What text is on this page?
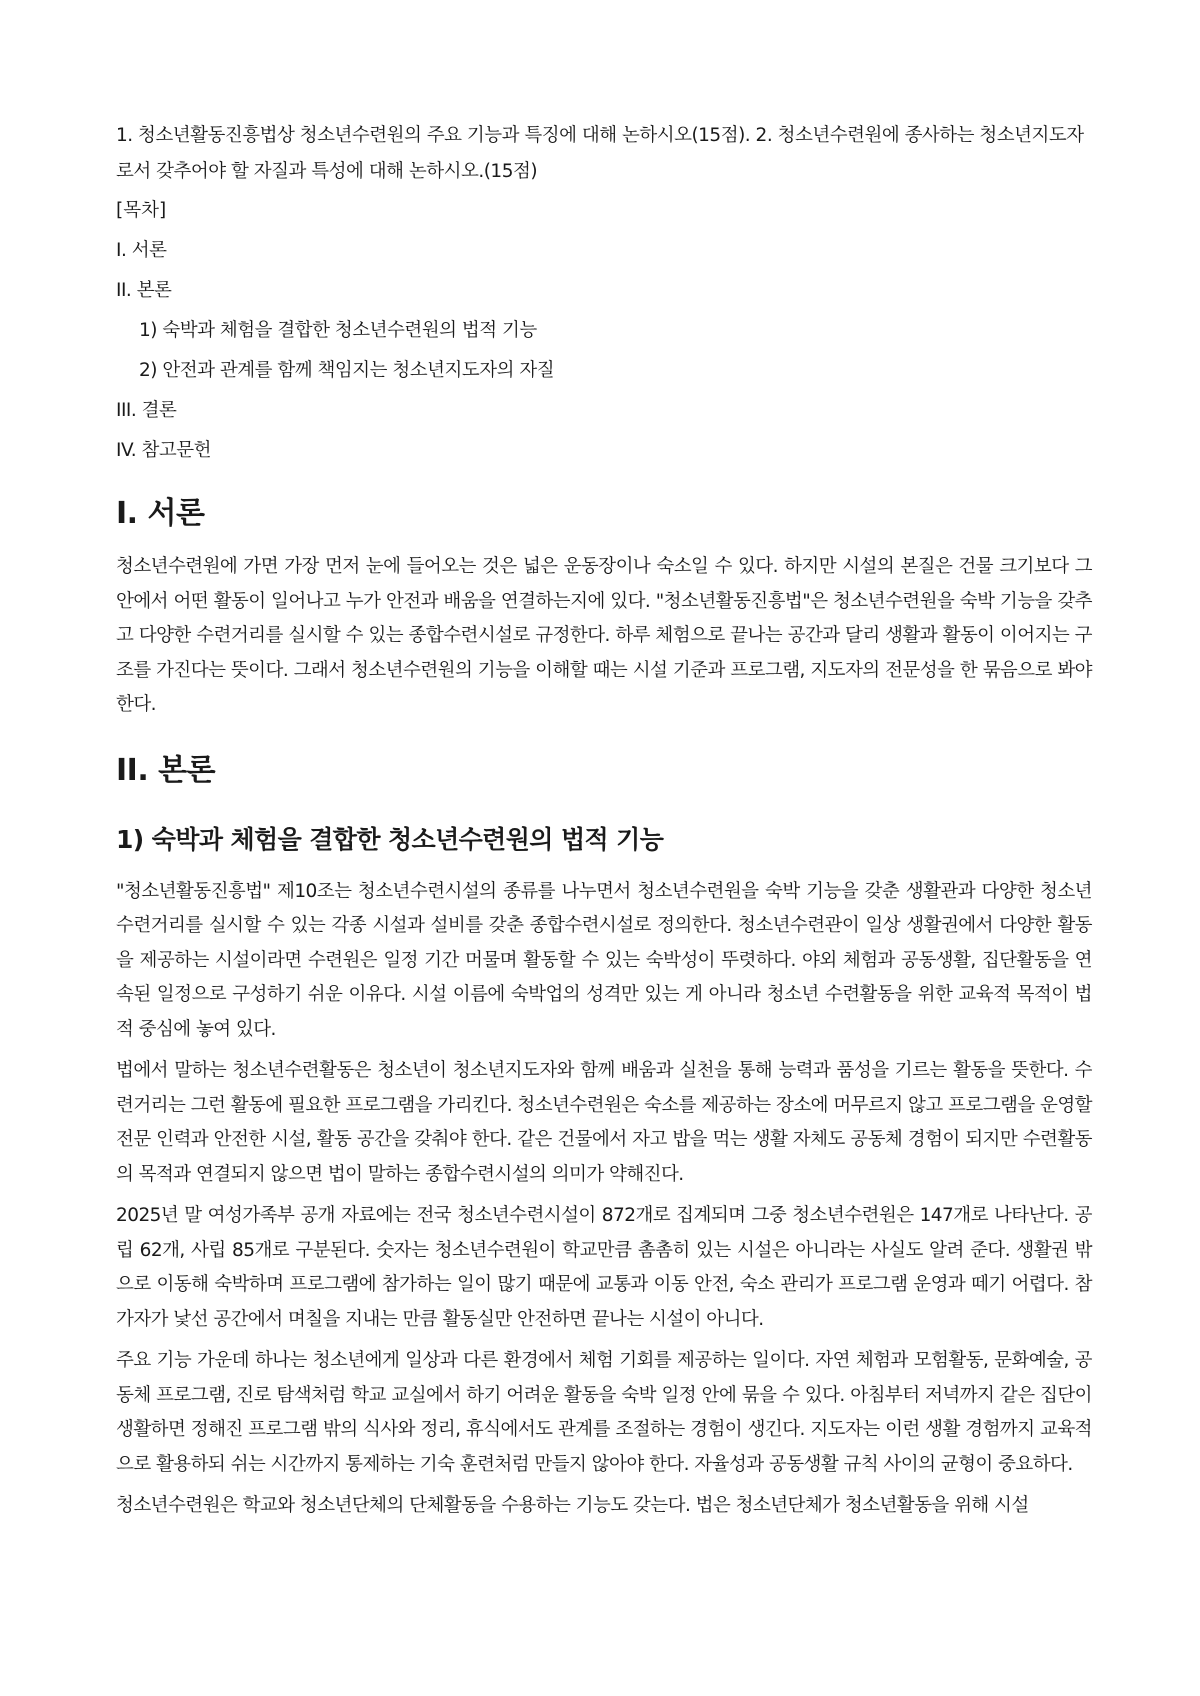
1. 청소년활동진흥법상 청소년수련원의 주요 기능과 특징에 대해 논하시오(15점). 2. 청소년수련원에 종사하는 청소년지도자로서 갖추어야 할 자질과 특성에 대해 논하시오.(15점)

[목차]
I. 서론
II. 본론
1) 숙박과 체험을 결합한 청소년수련원의 법적 기능
2) 안전과 관계를 함께 책임지는 청소년지도자의 자질
III. 결론
IV. 참고문헌
I. 서론

청소년수련원에 가면 가장 먼저 눈에 들어오는 것은 넓은 운동장이나 숙소일 수 있다. 하지만 시설의 본질은 건물 크기보다 그 안에서 어떤 활동이 일어나고 누가 안전과 배움을 연결하는지에 있다. "청소년활동진흥법"은 청소년수련원을 숙박 기능을 갖추고 다양한 수련거리를 실시할 수 있는 종합수련시설로 규정한다. 하루 체험으로 끝나는 공간과 달리 생활과 활동이 이어지는 구조를 가진다는 뜻이다. 그래서 청소년수련원의 기능을 이해할 때는 시설 기준과 프로그램, 지도자의 전문성을 한 묶음으로 봐야 한다.

II. 본론
1) 숙박과 체험을 결합한 청소년수련원의 법적 기능

"청소년활동진흥법" 제10조는 청소년수련시설의 종류를 나누면서 청소년수련원을 숙박 기능을 갖춘 생활관과 다양한 청소년수련거리를 실시할 수 있는 각종 시설과 설비를 갖춘 종합수련시설로 정의한다. 청소년수련관이 일상 생활권에서 다양한 활동을 제공하는 시설이라면 수련원은 일정 기간 머물며 활동할 수 있는 숙박성이 뚜렷하다. 야외 체험과 공동생활, 집단활동을 연속된 일정으로 구성하기 쉬운 이유다. 시설 이름에 숙박업의 성격만 있는 게 아니라 청소년 수련활동을 위한 교육적 목적이 법적 중심에 놓여 있다.

법에서 말하는 청소년수련활동은 청소년이 청소년지도자와 함께 배움과 실천을 통해 능력과 품성을 기르는 활동을 뜻한다. 수련거리는 그런 활동에 필요한 프로그램을 가리킨다. 청소년수련원은 숙소를 제공하는 장소에 머무르지 않고 프로그램을 운영할 전문 인력과 안전한 시설, 활동 공간을 갖춰야 한다. 같은 건물에서 자고 밥을 먹는 생활 자체도 공동체 경험이 되지만 수련활동의 목적과 연결되지 않으면 법이 말하는 종합수련시설의 의미가 약해진다.

2025년 말 여성가족부 공개 자료에는 전국 청소년수련시설이 872개로 집계되며 그중 청소년수련원은 147개로 나타난다. 공립 62개, 사립 85개로 구분된다. 숫자는 청소년수련원이 학교만큼 촘촘히 있는 시설은 아니라는 사실도 알려 준다. 생활권 밖으로 이동해 숙박하며 프로그램에 참가하는 일이 많기 때문에 교통과 이동 안전, 숙소 관리가 프로그램 운영과 떼기 어렵다. 참가자가 낯선 공간에서 며칠을 지내는 만큼 활동실만 안전하면 끝나는 시설이 아니다.

주요 기능 가운데 하나는 청소년에게 일상과 다른 환경에서 체험 기회를 제공하는 일이다. 자연 체험과 모험활동, 문화예술, 공동체 프로그램, 진로 탐색처럼 학교 교실에서 하기 어려운 활동을 숙박 일정 안에 묶을 수 있다. 아침부터 저녁까지 같은 집단이 생활하면 정해진 프로그램 밖의 식사와 정리, 휴식에서도 관계를 조절하는 경험이 생긴다. 지도자는 이런 생활 경험까지 교육적으로 활용하되 쉬는 시간까지 통제하는 기숙 훈련처럼 만들지 않아야 한다. 자율성과 공동생활 규칙 사이의 균형이 중요하다.

청소년수련원은 학교와 청소년단체의 단체활동을 수용하는 기능도 갖는다. 법은 청소년단체가 청소년활동을 위해 시설
